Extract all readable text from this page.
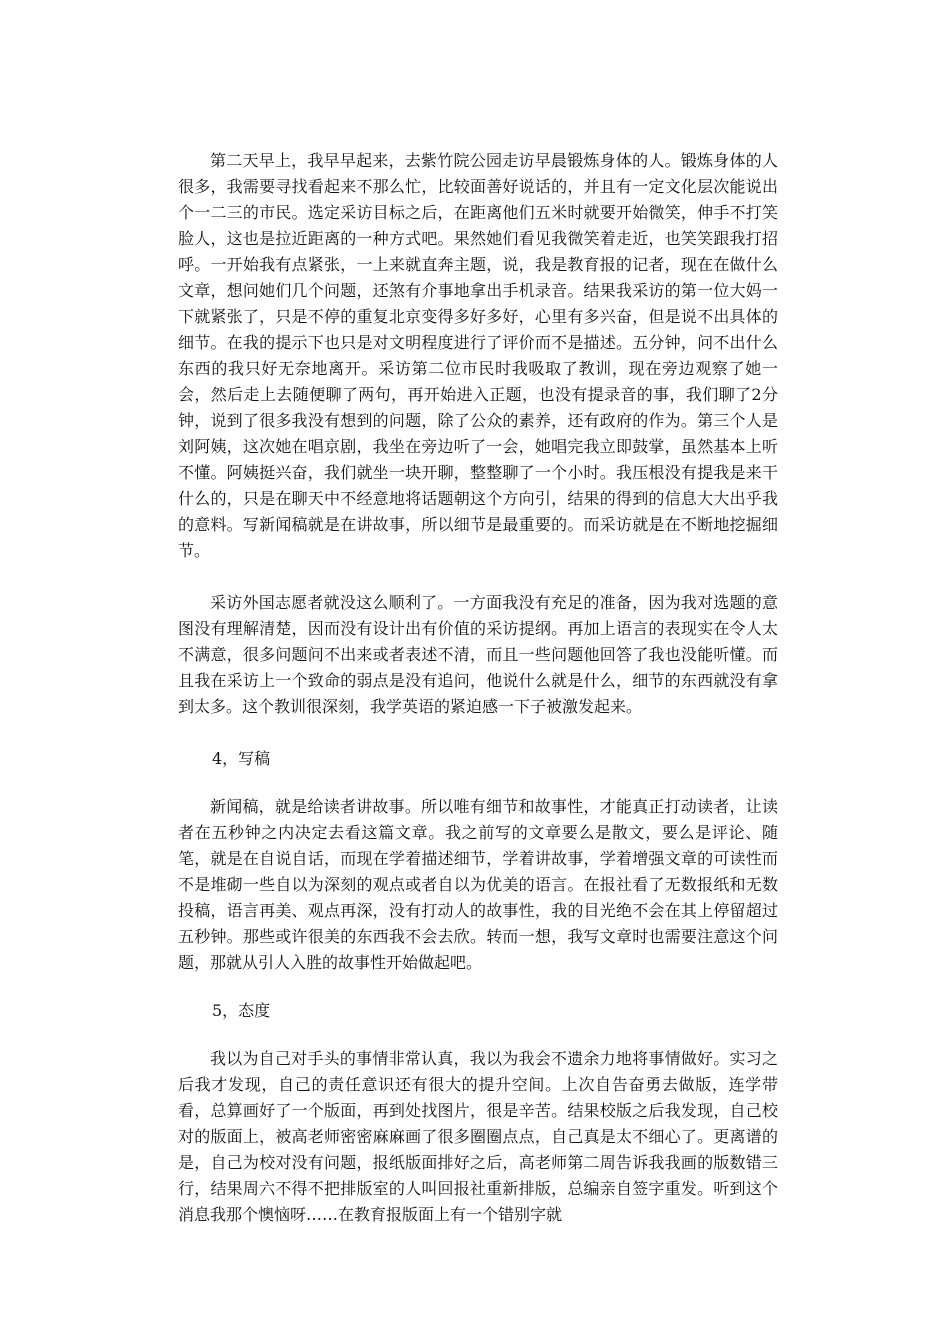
第二天早上，我早早起来，去紫竹院公园走访早晨锻炼身体的人。锻炼身体的人很多，我需要寻找看起来不那么忙，比较面善好说话的，并且有一定文化层次能说出个一二三的市民。选定采访目标之后，在距离他们五米时就要开始微笑，伸手不打笑脸人，这也是拉近距离的一种方式吧。果然她们看见我微笑着走近，也笑笑跟我打招呼。一开始我有点紧张，一上来就直奔主题，说，我是教育报的记者，现在在做什么文章，想问她们几个问题，还煞有介事地拿出手机录音。结果我采访的第一位大妈一下就紧张了，只是不停的重复北京变得多好多好，心里有多兴奋，但是说不出具体的细节。在我的提示下也只是对文明程度进行了评价而不是描述。五分钟，问不出什么东西的我只好无奈地离开。采访第二位市民时我吸取了教训，现在旁边观察了她一会，然后走上去随便聊了两句，再开始进入正题，也没有提录音的事，我们聊了2分钟，说到了很多我没有想到的问题，除了公众的素养，还有政府的作为。第三个人是刘阿姨，这次她在唱京剧，我坐在旁边听了一会，她唱完我立即鼓掌，虽然基本上听不懂。阿姨挺兴奋，我们就坐一块开聊，整整聊了一个小时。我压根没有提我是来干什么的，只是在聊天中不经意地将话题朝这个方向引，结果的得到的信息大大出乎我的意料。写新闻稿就是在讲故事，所以细节是最重要的。而采访就是在不断地挖掘细节。

采访外国志愿者就没这么顺利了。一方面我没有充足的准备，因为我对选题的意图没有理解清楚，因而没有设计出有价值的采访提纲。再加上语言的表现实在令人太不满意，很多问题问不出来或者表述不清，而且一些问题他回答了我也没能听懂。而且我在采访上一个致命的弱点是没有追问，他说什么就是什么，细节的东西就没有拿到太多。这个教训很深刻，我学英语的紧迫感一下子被激发起来。

4，写稿

新闻稿，就是给读者讲故事。所以唯有细节和故事性，才能真正打动读者，让读者在五秒钟之内决定去看这篇文章。我之前写的文章要么是散文，要么是评论、随笔，就是在自说自话，而现在学着描述细节，学着讲故事，学着增强文章的可读性而不是堆砌一些自以为深刻的观点或者自以为优美的语言。在报社看了无数报纸和无数投稿，语言再美、观点再深，没有打动人的故事性，我的目光绝不会在其上停留超过五秒钟。那些或许很美的东西我不会去欣。转而一想，我写文章时也需要注意这个问题，那就从引人入胜的故事性开始做起吧。

5，态度

我以为自己对手头的事情非常认真，我以为我会不遗余力地将事情做好。实习之后我才发现，自己的责任意识还有很大的提升空间。上次自告奋勇去做版，连学带看，总算画好了一个版面，再到处找图片，很是辛苦。结果校版之后我发现，自己校对的版面上，被高老师密密麻麻画了很多圈圈点点，自己真是太不细心了。更离谱的是，自己为校对没有问题，报纸版面排好之后，高老师第二周告诉我我画的版数错三行，结果周六不得不把排版室的人叫回报社重新排版，总编亲自签字重发。听到这个消息我那个懊恼呀……在教育报版面上有一个错别字就
